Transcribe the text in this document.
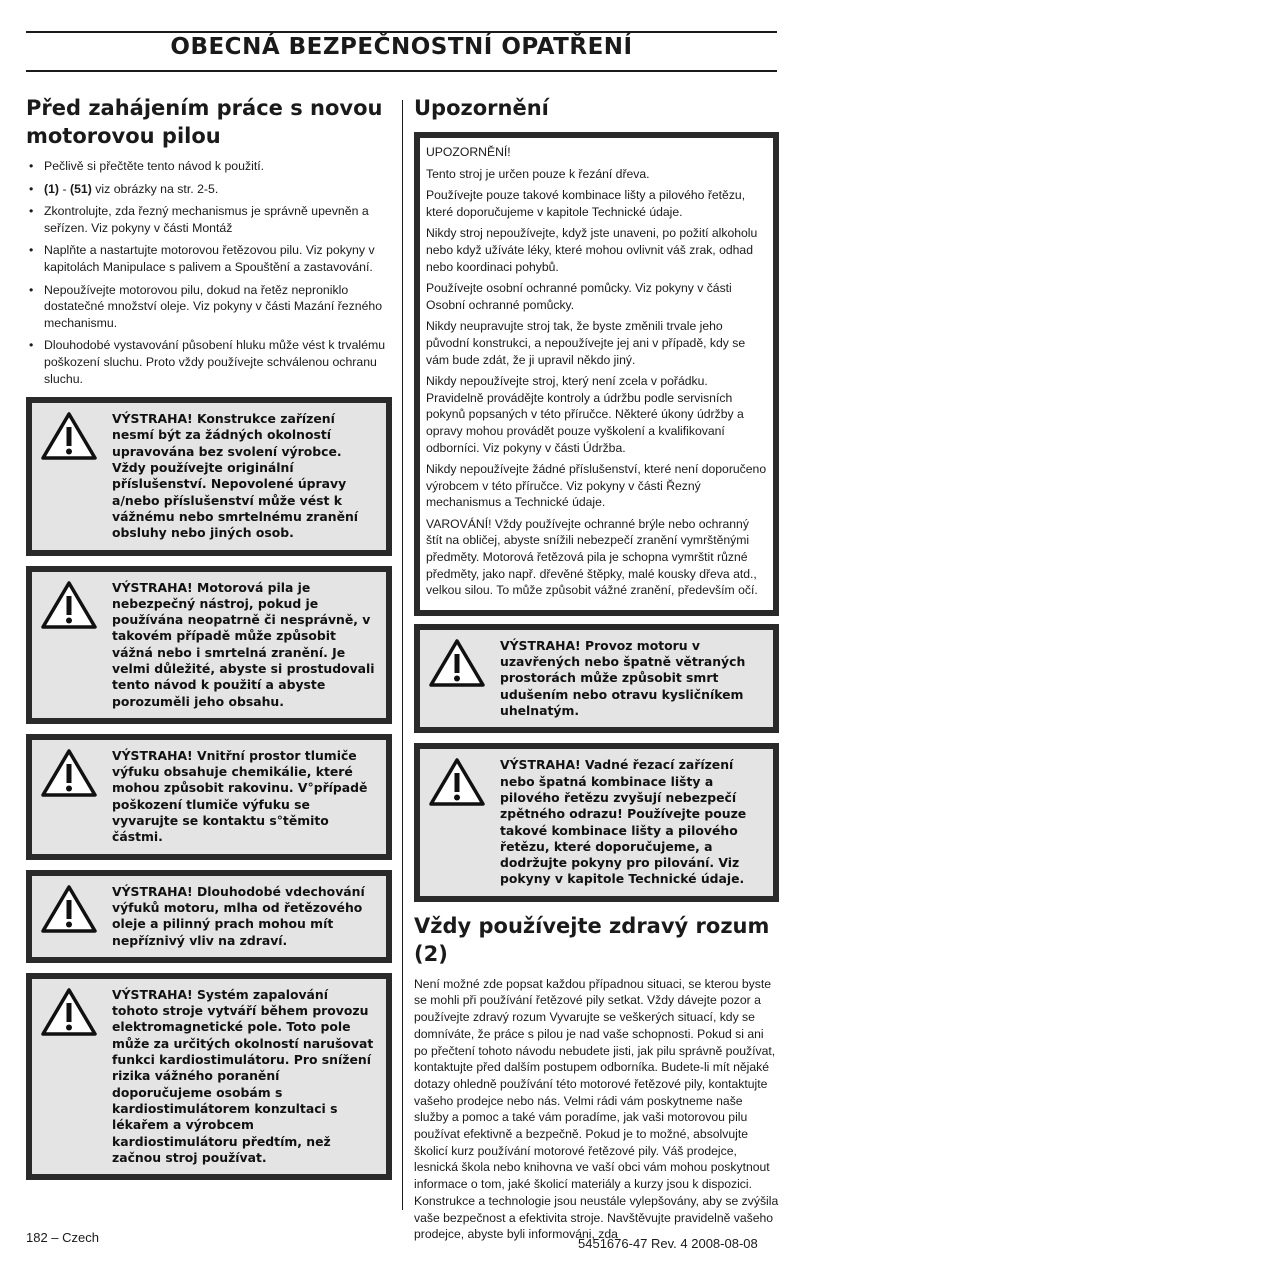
OBECNÁ BEZPEČNOSTNÍ OPATŘENÍ
Před zahájením práce s novou motorovou pilou
• Pečlivě si přečtěte tento návod k použití.
• (1) - (51) viz obrázky na str. 2-5.
• Zkontrolujte, zda řezný mechanismus je správně upevněn a seřízen. Viz pokyny v části Montáž
• Naplňte a nastartujte motorovou řetězovou pilu. Viz pokyny v kapitolách Manipulace s palivem a Spouštění a zastavování.
• Nepoužívejte motorovou pilu, dokud na řetěz neproniklo dostatečné množství oleje. Viz pokyny v části Mazání řezného mechanismu.
• Dlouhodobé vystavování působení hluku může vést k trvalému poškození sluchu. Proto vždy používejte schválenou ochranu sluchu.
VÝSTRAHA! Konstrukce zařízení nesmí být za žádných okolností upravována bez svolení výrobce. Vždy používejte originální příslušenství. Nepovolené úpravy a/nebo příslušenství může vést k vážnému nebo smrtelnému zranění obsluhy nebo jiných osob.
VÝSTRAHA! Motorová pila je nebezpečný nástroj, pokud je používána neopatrně či nesprávně, v takovém případě může způsobit vážná nebo i smrtelná zranění. Je velmi důležité, abyste si prostudovali tento návod k použití a abyste porozuměli jeho obsahu.
VÝSTRAHA! Vnitřní prostor tlumiče výfuku obsahuje chemikálie, které mohou způsobit rakovinu. V°případě poškození tlumiče výfuku se vyvarujte se kontaktu s°těmito částmi.
VÝSTRAHA! Dlouhodobé vdechování výfuků motoru, mlha od řetězového oleje a pilinný prach mohou mít nepříznivý vliv na zdraví.
VÝSTRAHA! Systém zapalování tohoto stroje vytváří během provozu elektromagnetické pole. Toto pole může za určitých okolností narušovat funkci kardiostimulátoru. Pro snížení rizika vážného poranění doporučujeme osobám s kardiostimulátorem konzultaci s lékařem a výrobcem kardiostimulátoru předtím, než začnou stroj používat.
Upozornění

UPOZORNĚNÍ!

Tento stroj je určen pouze k řezání dřeva.

Používejte pouze takové kombinace lišty a pilového řetězu, které doporučujeme v kapitole Technické údaje.

Nikdy stroj nepoužívejte, když jste unaveni, po požití alkoholu nebo když užíváte léky, které mohou ovlivnit váš zrak, odhad nebo koordinaci pohybů.

Používejte osobní ochranné pomůcky. Viz pokyny v části Osobní ochranné pomůcky.

Nikdy neupravujte stroj tak, že byste změnili trvale jeho původní konstrukci, a nepoužívejte jej ani v případě, kdy se vám bude zdát, že ji upravil někdo jiný.

Nikdy nepoužívejte stroj, který není zcela v pořádku. Pravidelně provádějte kontroly a údržbu podle servisních pokynů popsaných v této příručce. Některé úkony údržby a opravy mohou provádět pouze vyškolení a kvalifikovaní odborníci. Viz pokyny v části Údržba.

Nikdy nepoužívejte žádné příslušenství, které není doporučeno výrobcem v této příručce. Viz pokyny v části Řezný mechanismus a Technické údaje.

VAROVÁNÍ! Vždy používejte ochranné brýle nebo ochranný štít na obličej, abyste snížili nebezpečí zranění vymrštěnými předměty. Motorová řetězová pila je schopna vymrštit různé předměty, jako např. dřevěné štěpky, malé kousky dřeva atd., velkou silou. To může způsobit vážné zranění, především očí.

VÝSTRAHA! Provoz motoru v uzavřených nebo špatně větraných prostorách může způsobit smrt udušením nebo otravu kysličníkem uhelnatým.
VÝSTRAHA! Vadné řezací zařízení nebo špatná kombinace lišty a pilového řetězu zvyšují nebezpečí zpětného odrazu! Používejte pouze takové kombinace lišty a pilového řetězu, které doporučujeme, a dodržujte pokyny pro pilování. Viz pokyny v kapitole Technické údaje.
Vždy používejte zdravý rozum (2)

Není možné zde popsat každou případnou situaci, se kterou byste se mohli při používání řetězové pily setkat. Vždy dávejte pozor a používejte zdravý rozum Vyvarujte se veškerých situací, kdy se domníváte, že práce s pilou je nad vaše schopnosti. Pokud si ani po přečtení tohoto návodu nebudete jisti, jak pilu správně používat, kontaktujte před dalším postupem odborníka. Budete-li mít nějaké dotazy ohledně používání této motorové řetězové pily, kontaktujte vašeho prodejce nebo nás. Velmi rádi vám poskytneme naše služby a pomoc a také vám poradíme, jak vaši motorovou pilu používat efektivně a bezpečně. Pokud je to možné, absolvujte školicí kurz používání motorové řetězové pily. Váš prodejce, lesnická škola nebo knihovna ve vaší obci vám mohou poskytnout informace o tom, jaké školicí materiály a kurzy jsou k dispozici. Konstrukce a technologie jsou neustále vylepšovány, aby se zvýšila vaše bezpečnost a efektivita stroje. Navštěvujte pravidelně vašeho prodejce, abyste byli informováni, zda

182 – Czech	5451676-47 Rev. 4 2008-08-08
